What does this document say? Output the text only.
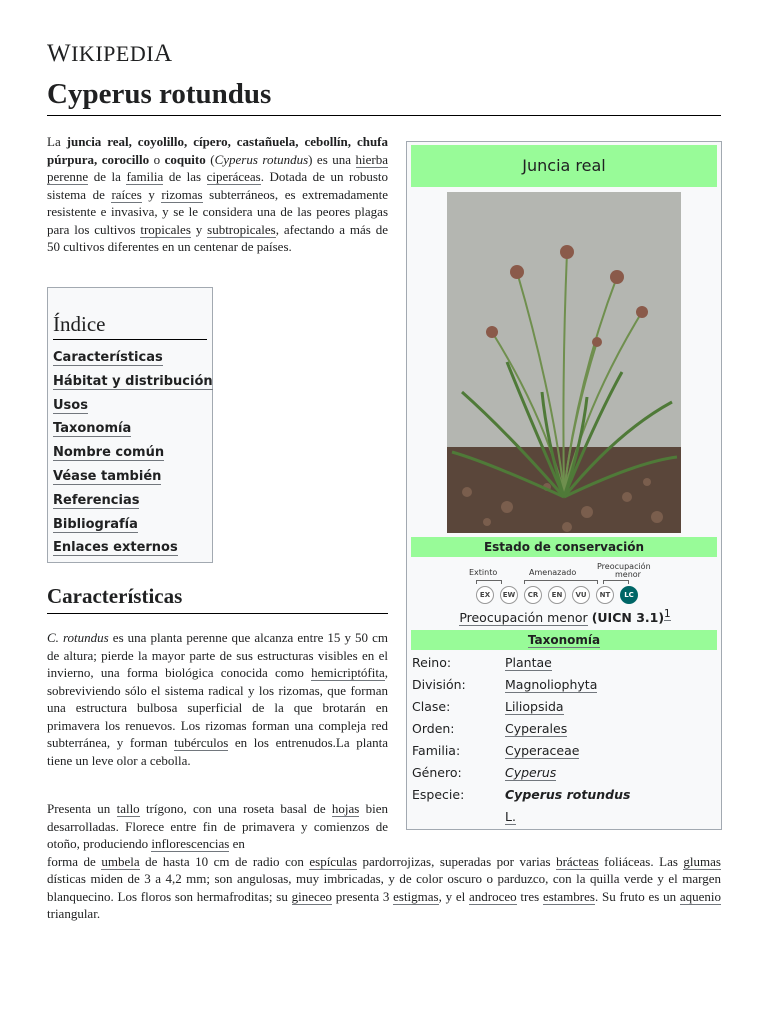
WIKIPEDIA
Cyperus rotundus

La juncia real, coyolillo, cípero, castañuela, cebollín, chufa púrpura, corocillo o coquito (Cyperus rotundus) es una hierba perenne de la familia de las ciperáceas. Dotada de un robusto sistema de raíces y rizomas subterráneos, es extremadamente resistente e invasiva, y se le considera una de las peores plagas para los cultivos tropicales y subtropicales, afectando a más de 50 cultivos diferentes en un centenar de países.

Índice
Características
Hábitat y distribución
Usos
Taxonomía
Nombre común
Véase también
Referencias
Bibliografía
Enlaces externos
Características

C. rotundus es una planta perenne que alcanza entre 15 y 50 cm de altura; pierde la mayor parte de sus estructuras visibles en el invierno, una forma biológica conocida como hemicriptófita, sobreviviendo sólo el sistema radical y los rizomas, que forman una estructura bulbosa superficial de la que brotarán en primavera los renuevos. Los rizomas forman una compleja red subterránea, y forman tubérculos en los entrenudos.La planta tiene un leve olor a cebolla.

Presenta un tallo trígono, con una roseta basal de hojas bien desarrolladas. Florece entre fin de primavera y comienzos de otoño, produciendo inflorescencias en
forma de umbela de hasta 10 cm de radio con espículas pardorrojizas, superadas por varias brácteas foliáceas. Las glumas dísticas miden de 3 a 4,2 mm; son angulosas, muy imbricadas, y de color oscuro o parduzco, con la quilla verde y el margen blanquecino. Los floros son hermafroditas; su gineceo presenta 3 estigmas, y el androceo tres estambres. Su fruto es un aquenio triangular.

Juncia real
Estado de conservación
Extinto	Amenazado
Preocupación
menor
EX	EW	CR	EN	VU	NT	LC
Preocupación menor (UICN 3.1)$^1$
Taxonomía
Reino:	Plantae
División:	Magnoliophyta
Clase:	Liliopsida
Orden:	Cyperales
Familia:	Cyperaceae
Género:	Cyperus
Especie:	Cyperus rotundus
	L.
